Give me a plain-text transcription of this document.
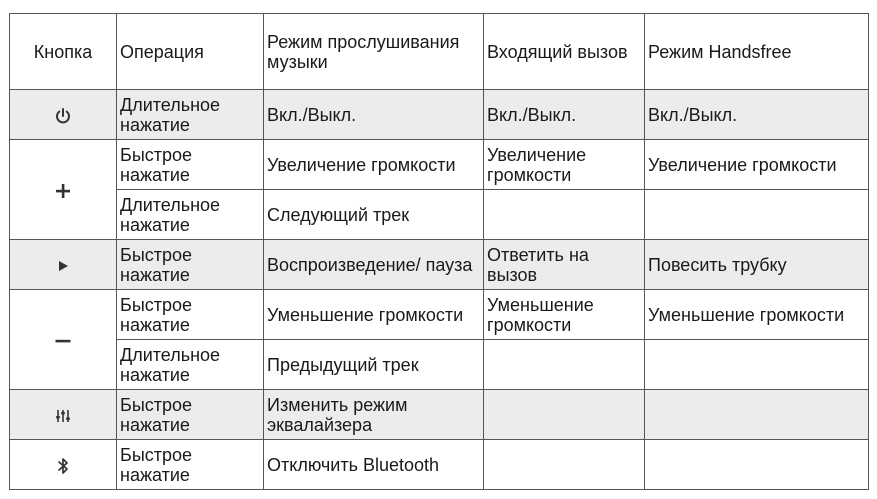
Кнопка	Операция	Режим прослушивания музыки	Входящий вызов	Режим Handsfree

	Длительное нажатие	Вкл./Выкл.	Вкл./Выкл.	Вкл./Выкл.

	Быстрое нажатие	Увеличение громкости	Увеличение громкости	Увеличение громкости
	Длительное нажатие	Следующий трек		

	Быстрое нажатие	Воспроизведение/ пауза	Ответить на вызов	Повесить трубку

	Быстрое нажатие	Уменьшение громкости	Уменьшение громкости	Уменьшение громкости
	Длительное нажатие	Предыдущий трек		

	Быстрое нажатие	Изменить режим эквалайзера		

	Быстрое нажатие	Отключить Bluetooth		
